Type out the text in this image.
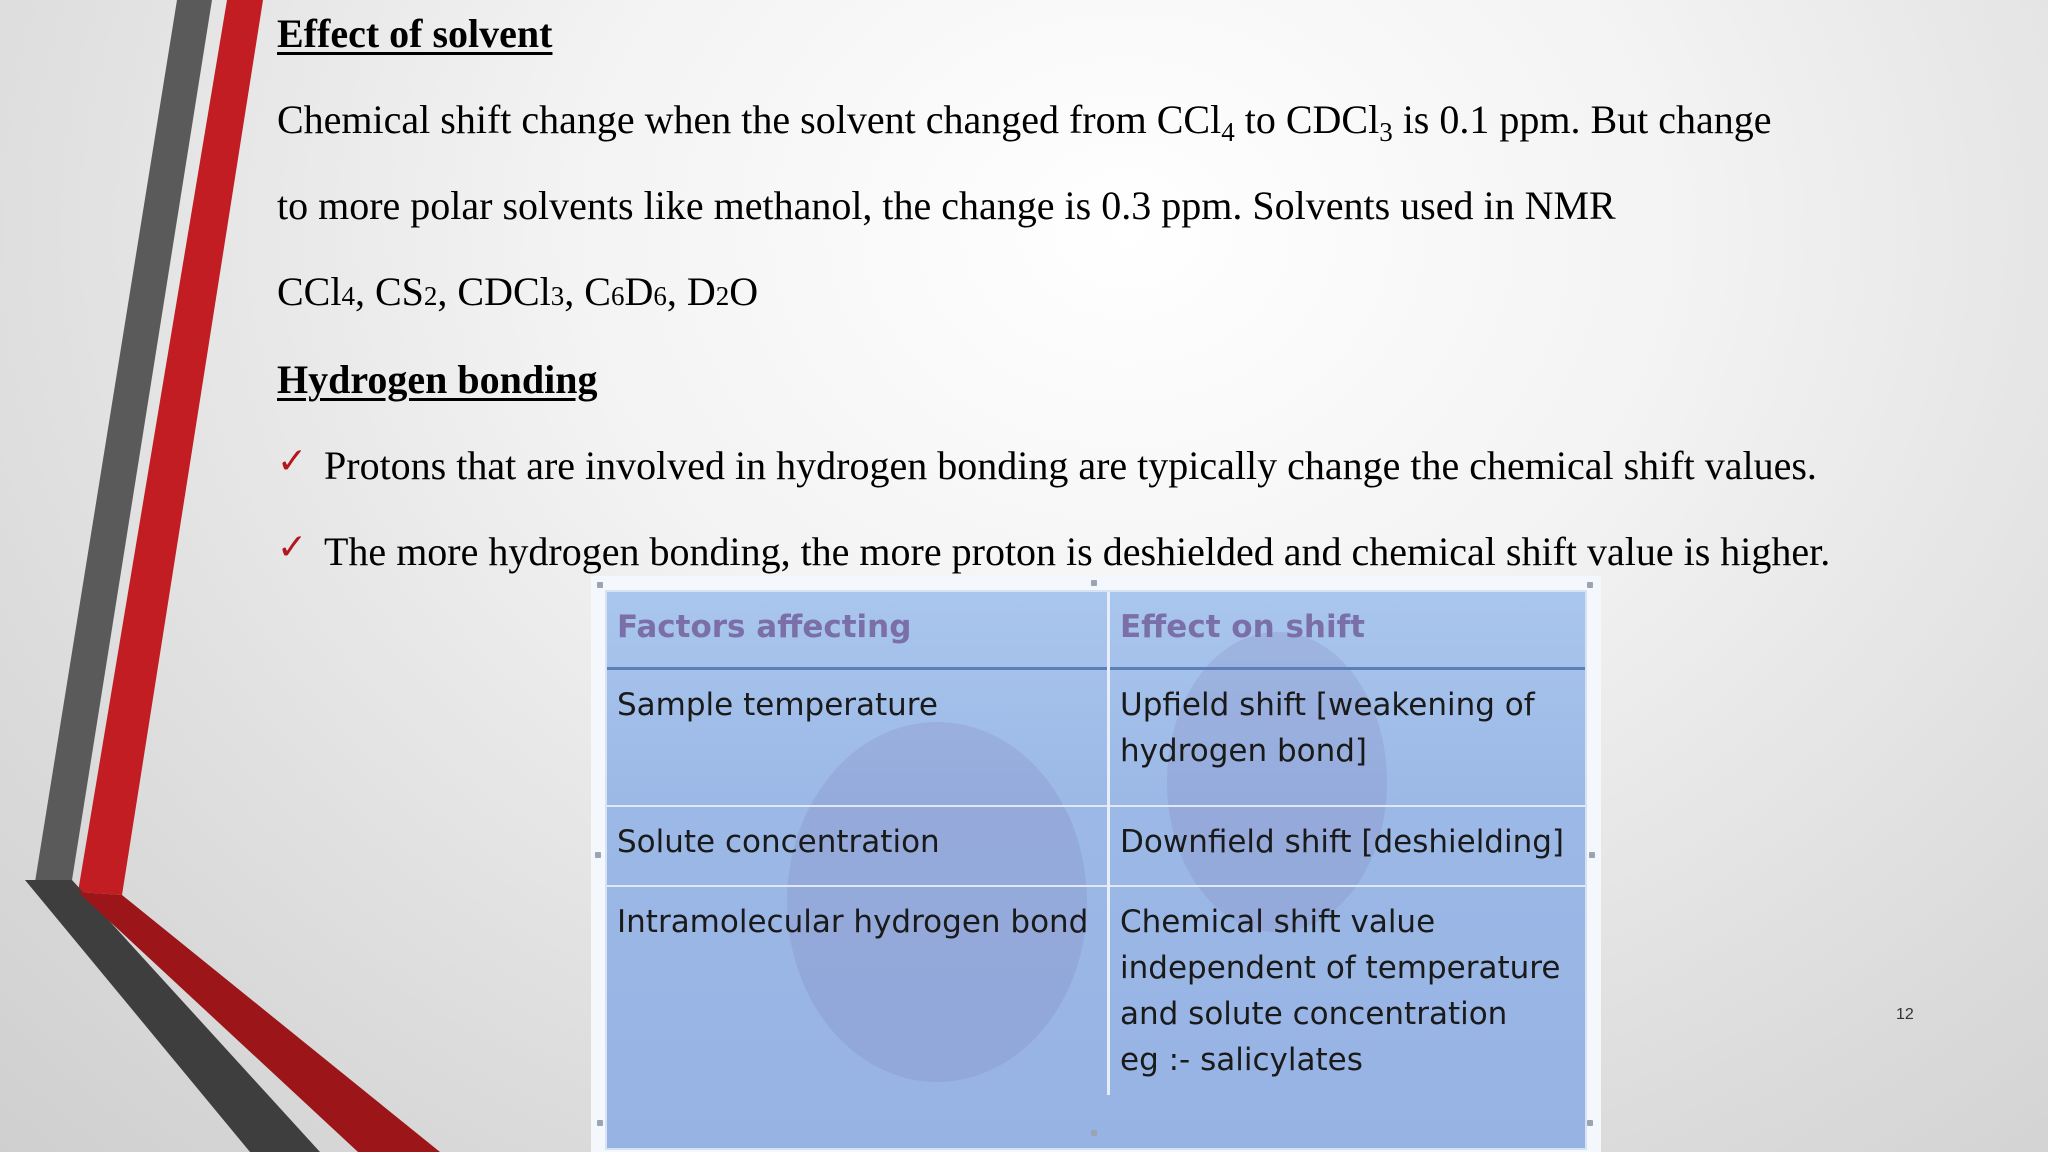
Effect of solvent
Chemical shift change when the solvent changed from CCl$_4$ to CDCl$_3$ is 0.1 ppm. But change
to more polar solvents like methanol, the change is 0.3 ppm. Solvents used in NMR
CCl4, CS2, CDCl3, C6D6, D2O
Hydrogen bonding
✓ Protons that are involved in hydrogen bonding are typically change the chemical shift values.
✓ The more hydrogen bonding, the more proton is deshielded and chemical shift value is higher.
Factors affecting	Effect on shift
Sample temperature	Upfield shift [weakening of hydrogen bond]
Solute concentration	Downfield shift [deshielding]
Intramolecular hydrogen bond	Chemical shift value independent of temperature and solute concentration
eg :- salicylates
12
